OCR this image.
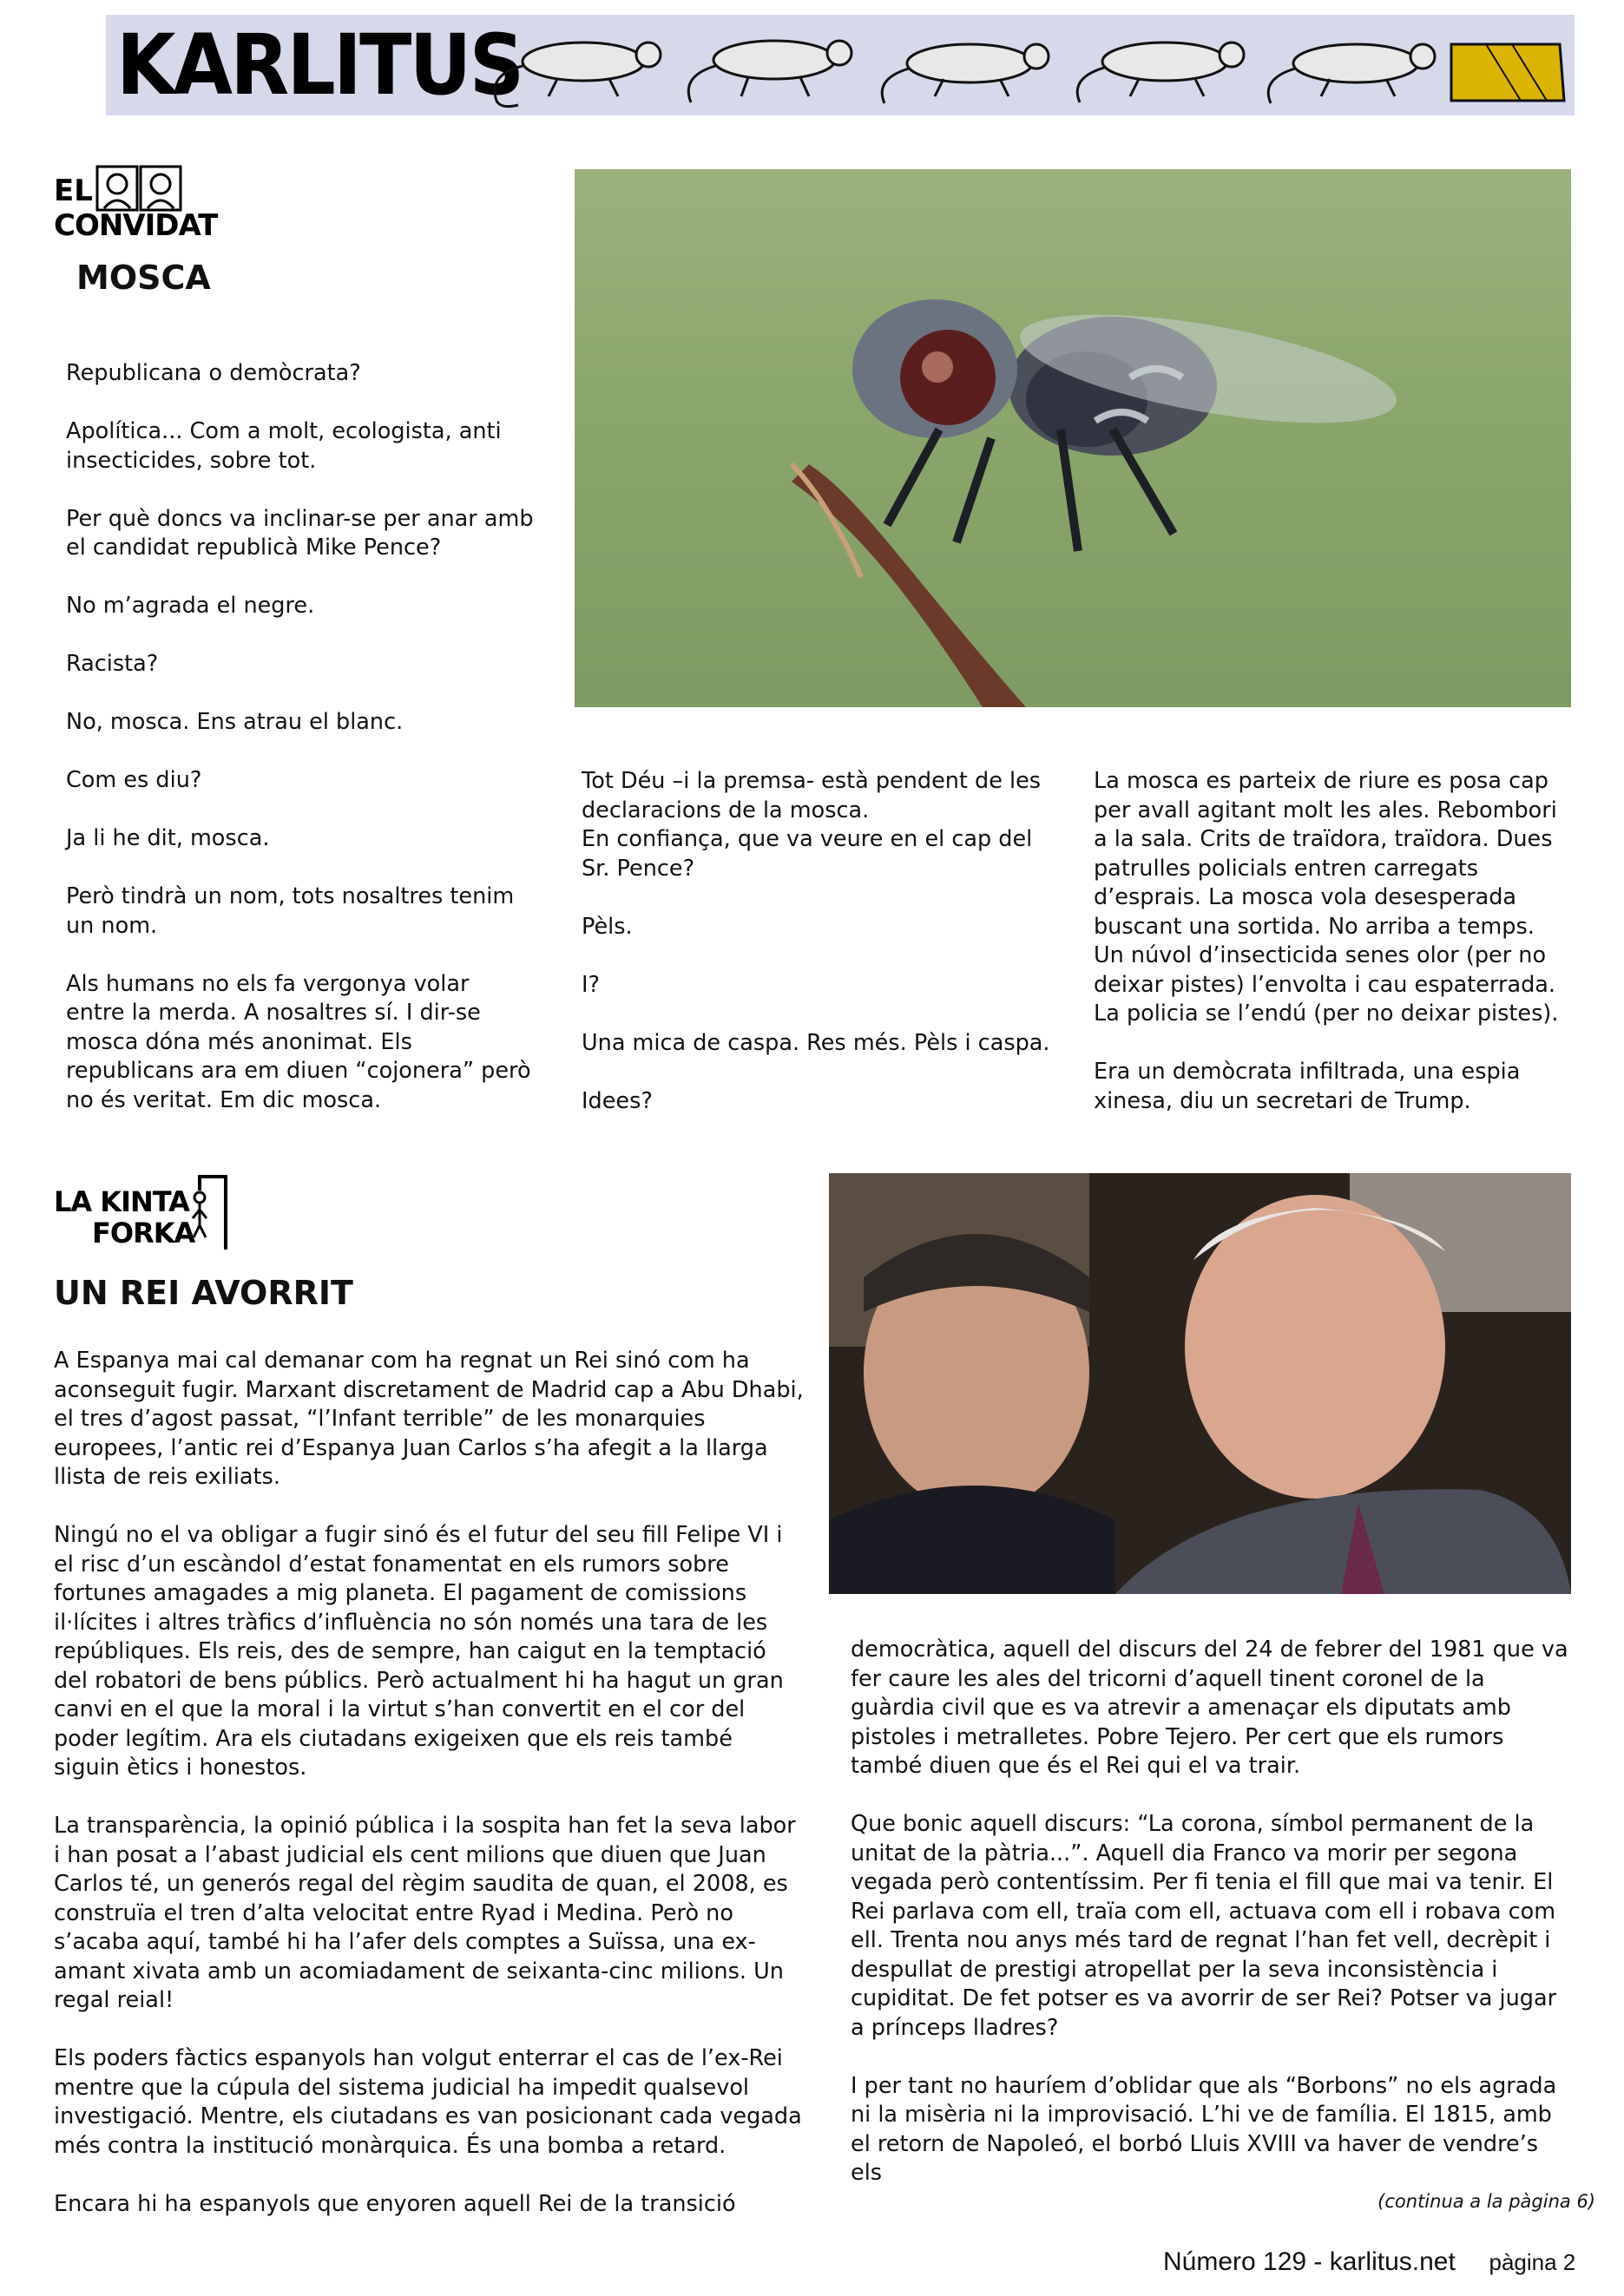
KARLITUS
EL
CONVIDAT
MOSCA

Republicana o demòcrata?

Apolítica... Com a molt, ecologista, anti insecticides, sobre tot.

Per què doncs va inclinar-se per anar amb el candidat republicà Mike Pence?

No m’agrada el negre.

Racista?

No, mosca. Ens atrau el blanc.

Com es diu?

Ja li he dit, mosca.

Però tindrà un nom, tots nosaltres tenim un nom.

Als humans no els fa vergonya volar entre la merda. A nosaltres sí. I dir-se mosca dóna més anonimat. Els republicans ara em diuen “cojonera” però no és veritat. Em dic mosca.

Tot Déu –i la premsa- està pendent de les declaracions de la mosca.

En confiança, que va veure en el cap del Sr. Pence?

Pèls.

I?

Una mica de caspa. Res més. Pèls i caspa.

Idees?

La mosca es parteix de riure es posa cap per avall agitant molt les ales. Rebombori a la sala. Crits de traïdora, traïdora. Dues patrulles policials entren carregats d’esprais. La mosca vola desesperada buscant una sortida. No arriba a temps. Un núvol d’insecticida senes olor (per no deixar pistes) l’envolta i cau espaterrada. La policia se l’endú (per no deixar pistes).

Era un demòcrata infiltrada, una espia xinesa, diu un secretari de Trump.

LA KINTA
FORKA
UN REI AVORRIT

A Espanya mai cal demanar com ha regnat un Rei sinó com ha aconseguit fugir. Marxant discretament de Madrid cap a Abu Dhabi, el tres d’agost passat, “l’Infant terrible” de les monarquies europees, l’antic rei d’Espanya Juan Carlos s’ha afegit a la llarga llista de reis exiliats.

Ningú no el va obligar a fugir sinó és el futur del seu fill Felipe VI i el risc d’un escàndol d’estat fonamentat en els rumors sobre fortunes amagades a mig planeta. El pagament de comissions il·lícites i altres tràfics d’influència no són només una tara de les repúbliques. Els reis, des de sempre, han caigut en la temptació del robatori de bens públics. Però actualment hi ha hagut un gran canvi en el que la moral i la virtut s’han convertit en el cor del poder legítim. Ara els ciutadans exigeixen que els reis també siguin ètics i honestos.

La transparència, la opinió pública i la sospita han fet la seva labor i han posat a l’abast judicial els cent milions que diuen que Juan Carlos té, un generós regal del règim saudita de quan, el 2008, es construïa el tren d’alta velocitat entre Ryad i Medina. Però no s’acaba aquí, també hi ha l’afer dels comptes a Suïssa, una ex-amant xivata amb un acomiadament de seixanta-cinc milions. Un regal reial!

Els poders fàctics espanyols han volgut enterrar el cas de l’ex-Rei mentre que la cúpula del sistema judicial ha impedit qualsevol investigació. Mentre, els ciutadans es van posicionant cada vegada més contra la institució monàrquica. És una bomba a retard.

Encara hi ha espanyols que enyoren aquell Rei de la transició

democràtica, aquell del discurs del 24 de febrer del 1981 que va fer caure les ales del tricorni d’aquell tinent coronel de la guàrdia civil que es va atrevir a amenaçar els diputats amb pistoles i metralletes. Pobre Tejero. Per cert que els rumors també diuen que és el Rei qui el va trair.

Que bonic aquell discurs: “La corona, símbol permanent de la unitat de la pàtria...”. Aquell dia Franco va morir per segona vegada però contentíssim. Per fi tenia el fill que mai va tenir. El Rei parlava com ell, traïa com ell, actuava com ell i robava com ell. Trenta nou anys més tard de regnat l’han fet vell, decrèpit i despullat de prestigi atropellat per la seva inconsistència i cupiditat. De fet potser es va avorrir de ser Rei? Potser va jugar a prínceps lladres?

I per tant no hauríem d’oblidar que als “Borbons” no els agrada ni la misèria ni la improvisació. L’hi ve de família. El 1815, amb el retorn de Napoleó, el borbó Lluis XVIII va haver de vendre’s els

(continua a la pàgina 6)
Número 129 - karlitus.net pàgina 2
